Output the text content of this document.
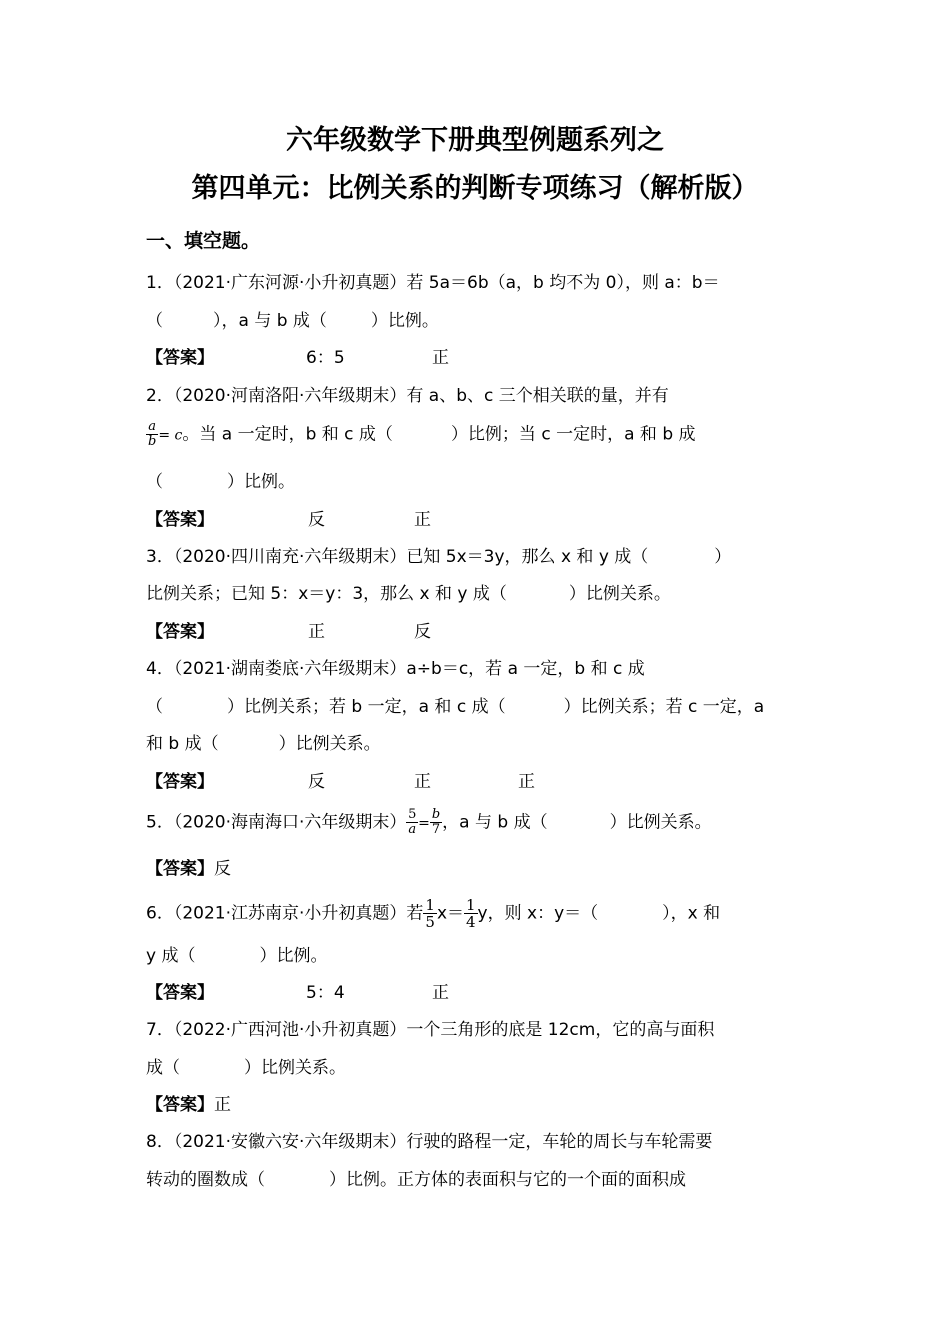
六年级数学下册典型例题系列之
第四单元：比例关系的判断专项练习（解析版）
一、填空题。
1．（2021·广东河源·小升初真题）若 5a＝6b（a，b 均不为 0），则 a：b＝
（	），a 与 b 成（	）比例。
【答案】	6：5	正
2．（2020·河南洛阳·六年级期末）有 a、b、c 三个相关联的量，并有
$\frac{a}{b} = c$。当 a 一定时，b 和 c 成（	）比例；当 c 一定时，a 和 b 成
（	）比例。
【答案】	反	正
3．（2020·四川南充·六年级期末）已知 5x＝3y，那么 x 和 y 成（	）
比例关系；已知 5：x＝y：3，那么 x 和 y 成（	）比例关系。
【答案】	正	反
4．（2021·湖南娄底·六年级期末）a÷b＝c，若 a 一定，b 和 c 成
（	）比例关系；若 b 一定，a 和 c 成（	）比例关系；若 c 一定，a
和 b 成（	）比例关系。
【答案】	反	正	正
5．（2020·海南海口·六年级期末） $\frac{5}{a} = \frac{b}{7}$ ，a 与 b 成（	）比例关系。
【答案】反
6．（2021·江苏南京·小升初真题）若 $\frac{1}{5} x= \frac{1}{4}$ y，则 x：y＝（	），x 和
y 成（	）比例。
【答案】	5：4	正
7．（2022·广西河池·小升初真题）一个三角形的底是 12cm，它的高与面积
成（	）比例关系。
【答案】正
8．（2021·安徽六安·六年级期末）行驶的路程一定，车轮的周长与车轮需要
转动的圈数成（	）比例。正方体的表面积与它的一个面的面积成
